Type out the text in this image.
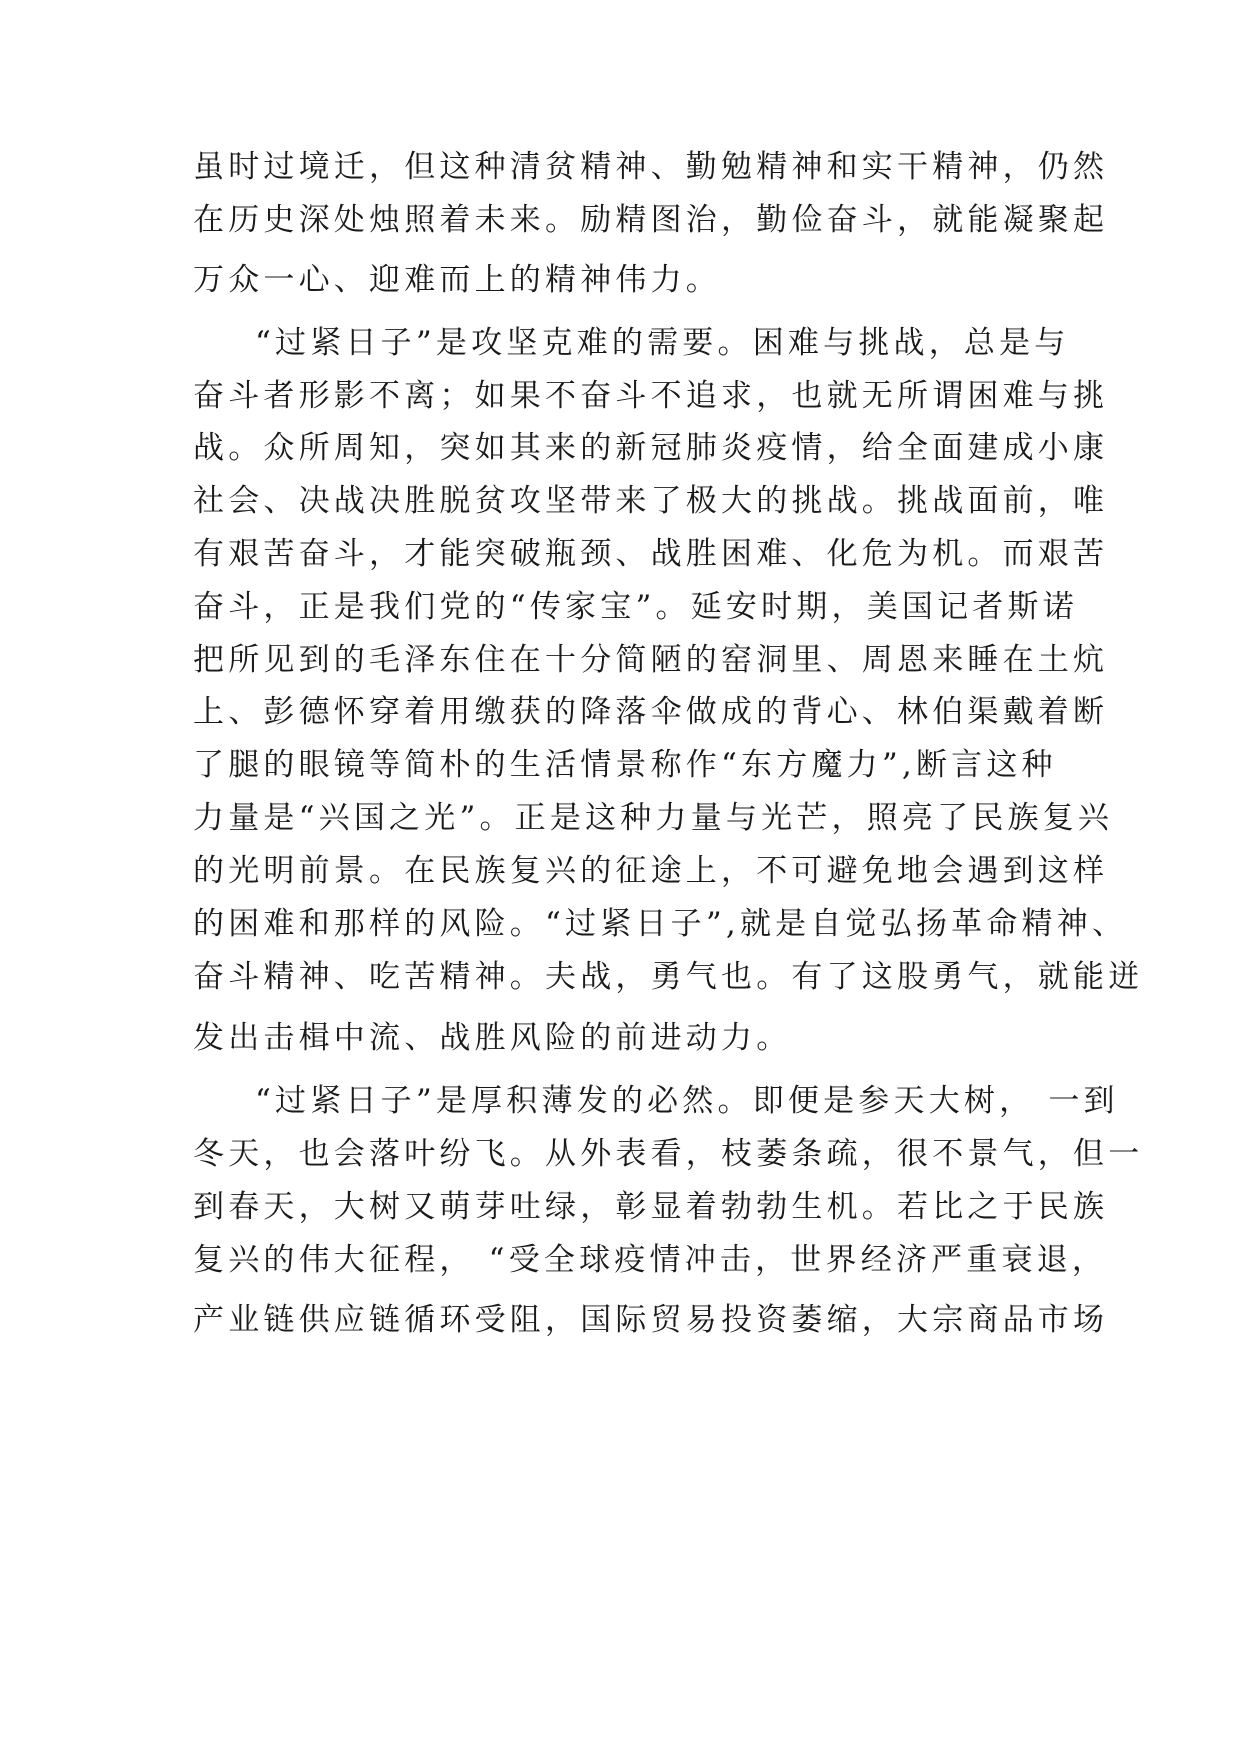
虽时过境迁，但这种清贫精神、勤勉精神和实干精神，仍然
在历史深处烛照着未来。励精图治，勤俭奋斗，就能凝聚起
万众一心、迎难而上的精神伟力。
“过紧日子”是攻坚克难的需要。困难与挑战，总是与
奋斗者形影不离；如果不奋斗不追求，也就无所谓困难与挑
战。众所周知，突如其来的新冠肺炎疫情，给全面建成小康
社会、决战决胜脱贫攻坚带来了极大的挑战。挑战面前，唯
有艰苦奋斗，才能突破瓶颈、战胜困难、化危为机。而艰苦
奋斗，正是我们党的“传家宝”。延安时期，美国记者斯诺
把所见到的毛泽东住在十分简陋的窑洞里、周恩来睡在土炕
上、彭德怀穿着用缴获的降落伞做成的背心、林伯渠戴着断
了腿的眼镜等简朴的生活情景称作“东方魔力”,断言这种
力量是“兴国之光”。正是这种力量与光芒，照亮了民族复兴
的光明前景。在民族复兴的征途上，不可避免地会遇到这样
的困难和那样的风险。“过紧日子”,就是自觉弘扬革命精神、
奋斗精神、吃苦精神。夫战，勇气也。有了这股勇气，就能迸
发出击楫中流、战胜风险的前进动力。
“过紧日子”是厚积薄发的必然。即便是参天大树， 一到
冬天，也会落叶纷飞。从外表看，枝萎条疏，很不景气，但一
到春天，大树又萌芽吐绿，彰显着勃勃生机。若比之于民族
复兴的伟大征程， “受全球疫情冲击，世界经济严重衰退，
产业链供应链循环受阻，国际贸易投资萎缩，大宗商品市场
